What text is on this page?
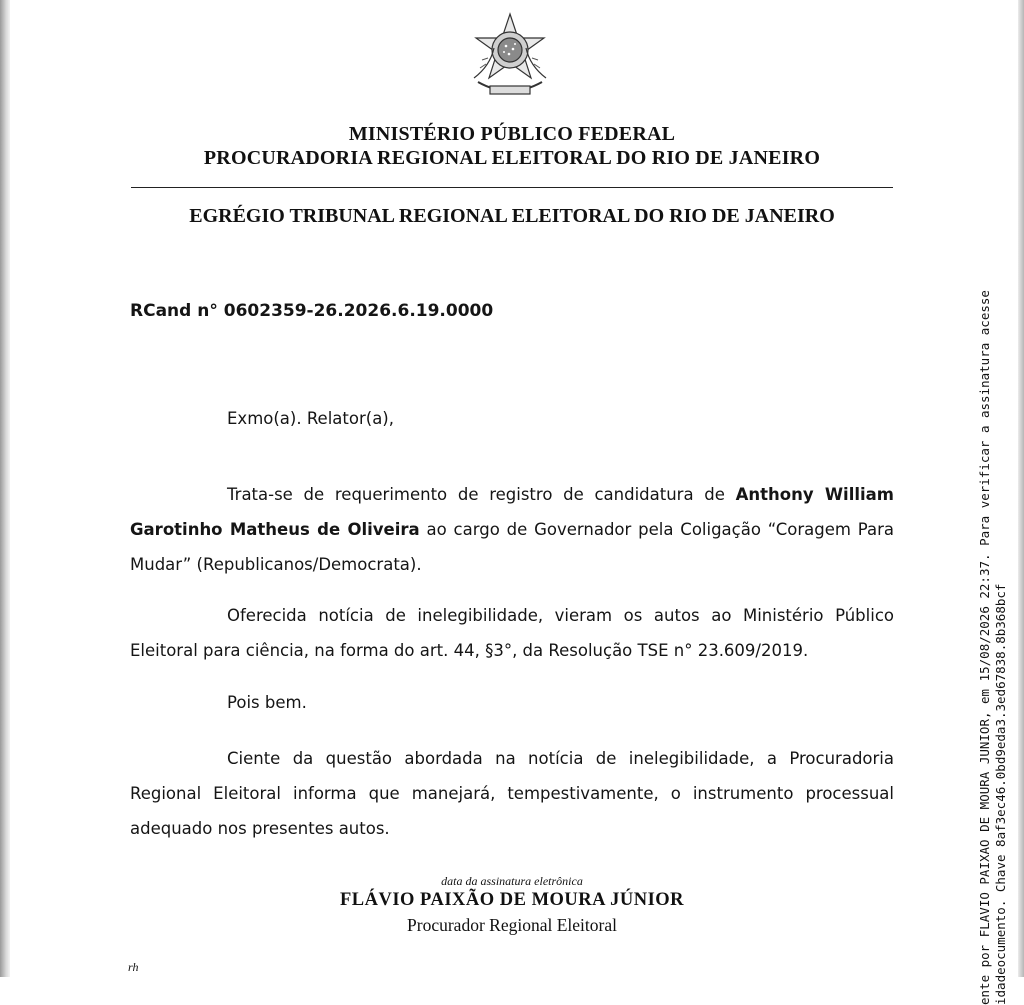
MINISTÉRIO PÚBLICO FEDERAL
PROCURADORIA REGIONAL ELEITORAL DO RIO DE JANEIRO
EGRÉGIO TRIBUNAL REGIONAL ELEITORAL DO RIO DE JANEIRO
RCand n° 0602359-26.2026.6.19.0000
Exmo(a). Relator(a),
Trata-se de requerimento de registro de candidatura de Anthony William Garotinho Matheus de Oliveira ao cargo de Governador pela Coligação “Coragem Para Mudar” (Republicanos/Democrata).
Oferecida notícia de inelegibilidade, vieram os autos ao Ministério Público Eleitoral para ciência, na forma do art. 44, §3°, da Resolução TSE n° 23.609/2019.
Pois bem.
Ciente da questão abordada na notícia de inelegibilidade, a Procuradoria Regional Eleitoral informa que manejará, tempestivamente, o instrumento processual adequado nos presentes autos.
data da assinatura eletrônica
FLÁVIO PAIXÃO DE MOURA JÚNIOR
Procurador Regional Eleitoral
rh	ente por FLAVIO PAIXAO DE MOURA JUNIOR, em 15/08/2026 22:37. Para verificar a assinatura acesse idadeocumento. Chave 8af3ec46.0bd9eda3.3ed67838.8b368bcf
